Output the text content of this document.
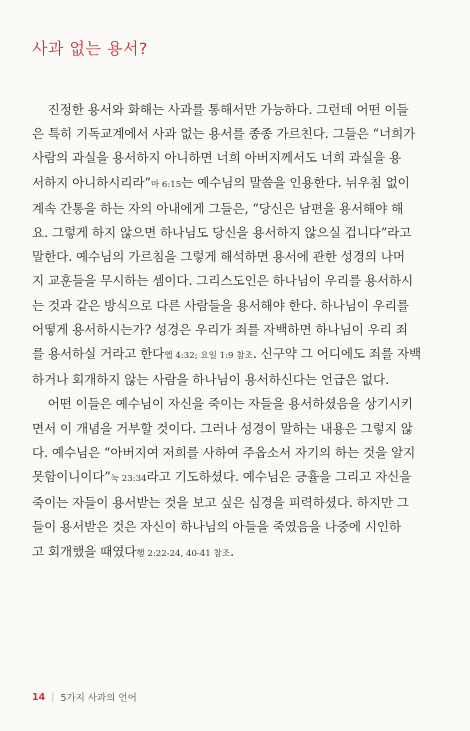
사과 없는 용서?
진정한 용서와 화해는 사과를 통해서만 가능하다. 그런데 어떤 이들
은 특히 기독교계에서 사과 없는 용서를 종종 가르친다. 그들은 “너희가
사람의 과실을 용서하지 아니하면 너희 아버지께서도 너희 과실을 용
서하지 아니하시리라”마 6:15는 예수님의 말씀을 인용한다. 뉘우침 없이
계속 간통을 하는 자의 아내에게 그들은, “당신은 남편을 용서해야 해
요. 그렇게 하지 않으면 하나님도 당신을 용서하지 않으실 겁니다”라고
말한다. 예수님의 가르침을 그렇게 해석하면 용서에 관한 성경의 나머
지 교훈들을 무시하는 셈이다. 그리스도인은 하나님이 우리를 용서하시
는 것과 같은 방식으로 다른 사람들을 용서해야 한다. 하나님이 우리를
어떻게 용서하시는가? 성경은 우리가 죄를 자백하면 하나님이 우리 죄
를 용서하실 거라고 한다엡 4:32; 요일 1:9 참조. 신구약 그 어디에도 죄를 자백
하거나 회개하지 않는 사람을 하나님이 용서하신다는 언급은 없다.
어떤 이들은 예수님이 자신을 죽이는 자들을 용서하셨음을 상기시키
면서 이 개념을 거부할 것이다. 그러나 성경이 말하는 내용은 그렇지 않
다. 예수님은 “아버지여 저희를 사하여 주옵소서 자기의 하는 것을 알지
못함이니이다”눅 23:34라고 기도하셨다. 예수님은 긍휼을 그리고 자신을
죽이는 자들이 용서받는 것을 보고 싶은 심경을 피력하셨다. 하지만 그
들이 용서받은 것은 자신이 하나님의 아들을 죽였음을 나중에 시인하
고 회개했을 때였다행 2:22-24, 40-41 참조.
14 | 5가지 사과의 언어
